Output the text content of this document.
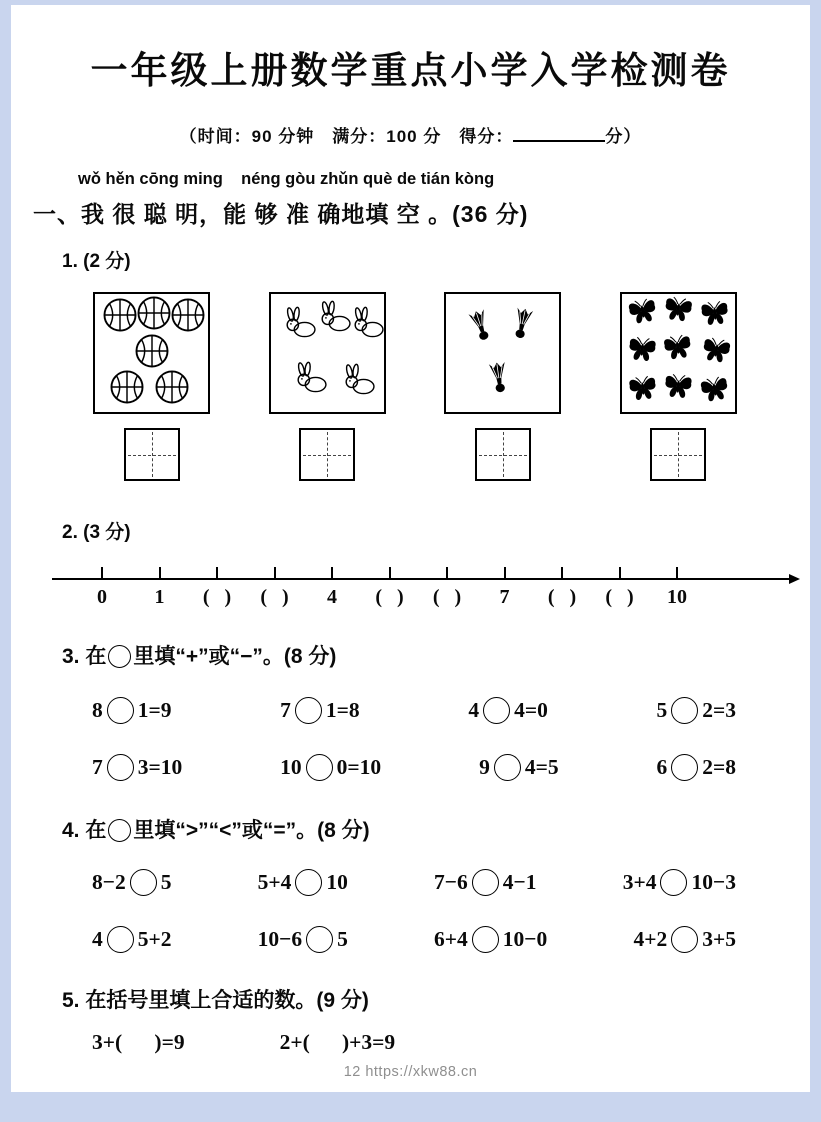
一年级上册数学重点小学入学检测卷
（时间：90 分钟　满分：100 分　得分：	分）
wǒ hěn cōng ming    néng gòu zhǔn què de tián kòng
一、我 很 聪 明，能 够 准 确地填 空 。(36 分)
1. (2 分)
2. (3 分)
0 1 (   ) (   ) 4 (   ) (   ) 7 (   ) (   ) 10
3. 在 里填“+”或“−”。(8 分)
8 1=9	7 1=8	4 4=0	5 2=3
7 3=10	10 0=10	9 4=5	6 2=8
4. 在 里填“>”“<”或“=”。(8 分)
8−2 5	5+4 10	7−6 4−1	3+4 10−3
4 5+2	10−6 5	6+4 10−0	4+2 3+5
5. 在括号里填上合适的数。(9 分)
3+(      )=9	2+(      )+3=9
12 https://xkw88.cn
